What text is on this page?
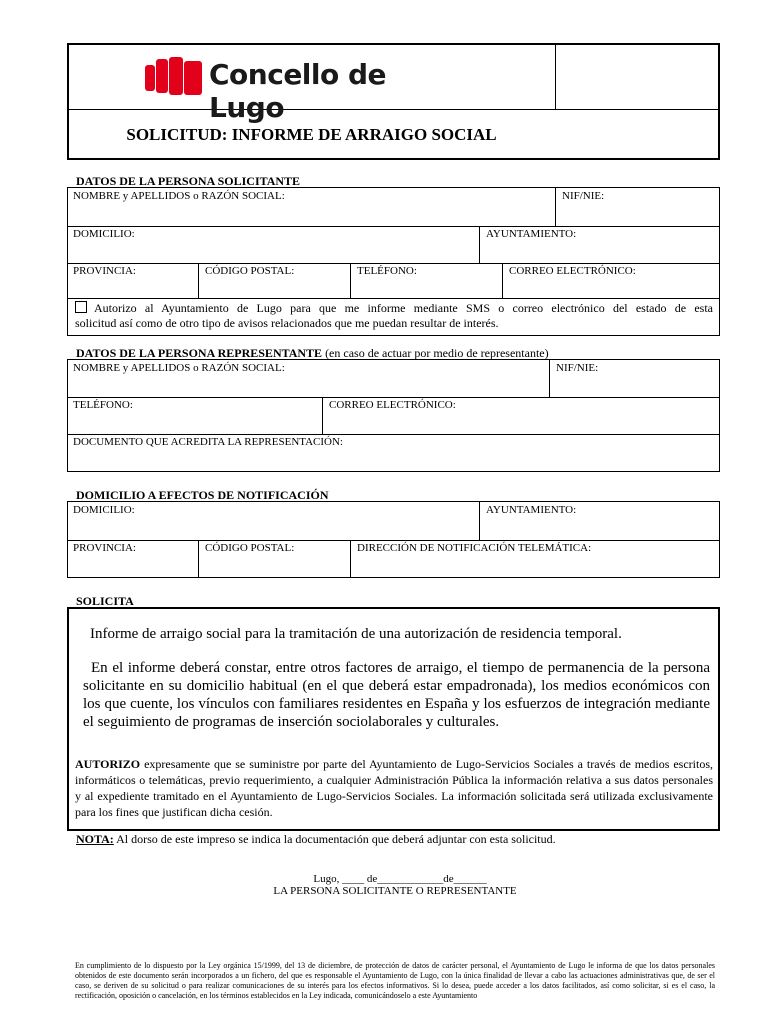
Concello de Lugo
SOLICITUD: INFORME DE ARRAIGO SOCIAL
DATOS DE LA PERSONA SOLICITANTE
NOMBRE y APELLIDOS o RAZÓN SOCIAL:	NIF/NIE:
DOMICILIO:	AYUNTAMIENTO:
PROVINCIA:	CÓDIGO POSTAL:	TELÉFONO:	CORREO ELECTRÓNICO:
Autorizo al Ayuntamiento de Lugo para que me informe mediante SMS o correo electrónico del estado de esta
solicitud así como de otro tipo de avisos relacionados que me puedan resultar de interés.
DATOS DE LA PERSONA REPRESENTANTE (en caso de actuar por medio de representante)
NOMBRE y APELLIDOS o RAZÓN SOCIAL:	NIF/NIE:
TELÉFONO:	CORREO ELECTRÓNICO:
DOCUMENTO QUE ACREDITA LA REPRESENTACIÓN:
DOMICILIO A EFECTOS DE NOTIFICACIÓN
DOMICILIO:	AYUNTAMIENTO:
PROVINCIA:	CÓDIGO POSTAL:	DIRECCIÓN DE NOTIFICACIÓN TELEMÁTICA:
SOLICITA
Informe de arraigo social para la tramitación de una autorización de residencia temporal.
En el informe deberá constar, entre otros factores de arraigo, el tiempo de permanencia de la persona solicitante en su domicilio habitual (en el que deberá estar empadronada), los medios económicos con los que cuente, los vínculos con familiares residentes en España y los esfuerzos de integración mediante el seguimiento de programas de inserción sociolaborales y culturales.
AUTORIZO expresamente que se suministre por parte del Ayuntamiento de Lugo-Servicios Sociales a través de medios escritos, informáticos o telemáticas, previo requerimiento, a cualquier Administración Pública la información relativa a sus datos personales y al expediente tramitado en el Ayuntamiento de Lugo-Servicios Sociales. La información solicitada será utilizada exclusivamente para los fines que justifican dicha cesión.
NOTA: Al dorso de este impreso se indica la documentación que deberá adjuntar con esta solicitud.
Lugo, ____ de____________de______
LA PERSONA SOLICITANTE O REPRESENTANTE
En cumplimiento de lo dispuesto por la Ley orgánica 15/1999, del 13 de diciembre, de protección de datos de carácter personal, el Ayuntamiento de Lugo le informa de que los datos personales obtenidos de este documento serán incorporados a un fichero, del que es responsable el Ayuntamiento de Lugo, con la única finalidad de llevar a cabo las actuaciones administrativas que, de ser el caso, se deriven de su solicitud o para realizar comunicaciones de su interés para los efectos informativos. Si lo desea, puede acceder a los datos facilitados, así como solicitar, si es el caso, la rectificación, oposición o cancelación, en los términos establecidos en la Ley indicada, comunicándoselo a este Ayuntamiento
